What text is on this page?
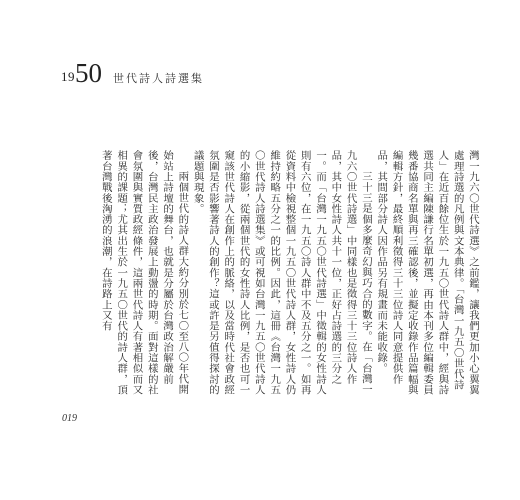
19 50 世代詩人詩選集

灣一九六〇世代詩選》之前鑑，讓我們更加小心翼翼處理詩選的凡例與文本典律。「台灣一九五〇世代詩人」在近百餘位生於一九五〇世代詩人群中，經與詩選共同主編陳謙行名單初選，再由本刊多位編輯委員幾番協商名單與再三確認後，並擬定收錄作品篇幅與編輯方針，最終順利徵得三十三位詩人同意提供作品，其間部分詩人因作品另有規畫而未能收錄。

三十三是個多麼奇幻與巧合的數字。在「台灣一九六〇世代詩選」中同樣也是徵得三十三位詩人作品，其中女性詩人共十一位，正好占詩選的三分之一。而「台灣一九五〇世代詩選」中徵輯的女性詩人則有六位，在一九五〇詩人群中不及五分之一。如再從資料中檢視整個一九五〇世代詩人群，女性詩人仍維持約略五分之一的比例。因此，這冊《台灣一九五〇世代詩人詩選集》或可視如台灣一九五〇世代詩人的小縮影，從兩個世代的女性詩人比例，是否也可一窺該世代詩人在創作上的脈絡，以及當時代社會政經氛圍是否影響著詩人的創作？這或許是另值得探討的議題與現象。

兩個世代的詩人群大約分別於七〇至八〇年代開始站上詩壇的舞台，也就是分屬於台灣政治解嚴前後，台灣民主政治發展上動盪的時期。面對這樣的社會氛圍與實質政經條件，這兩世代詩人有著相似而又相異的課題；尤其出生於一九五〇世代的詩人群，頂著台灣戰後洶湧的浪潮，在詩路上又有

019
